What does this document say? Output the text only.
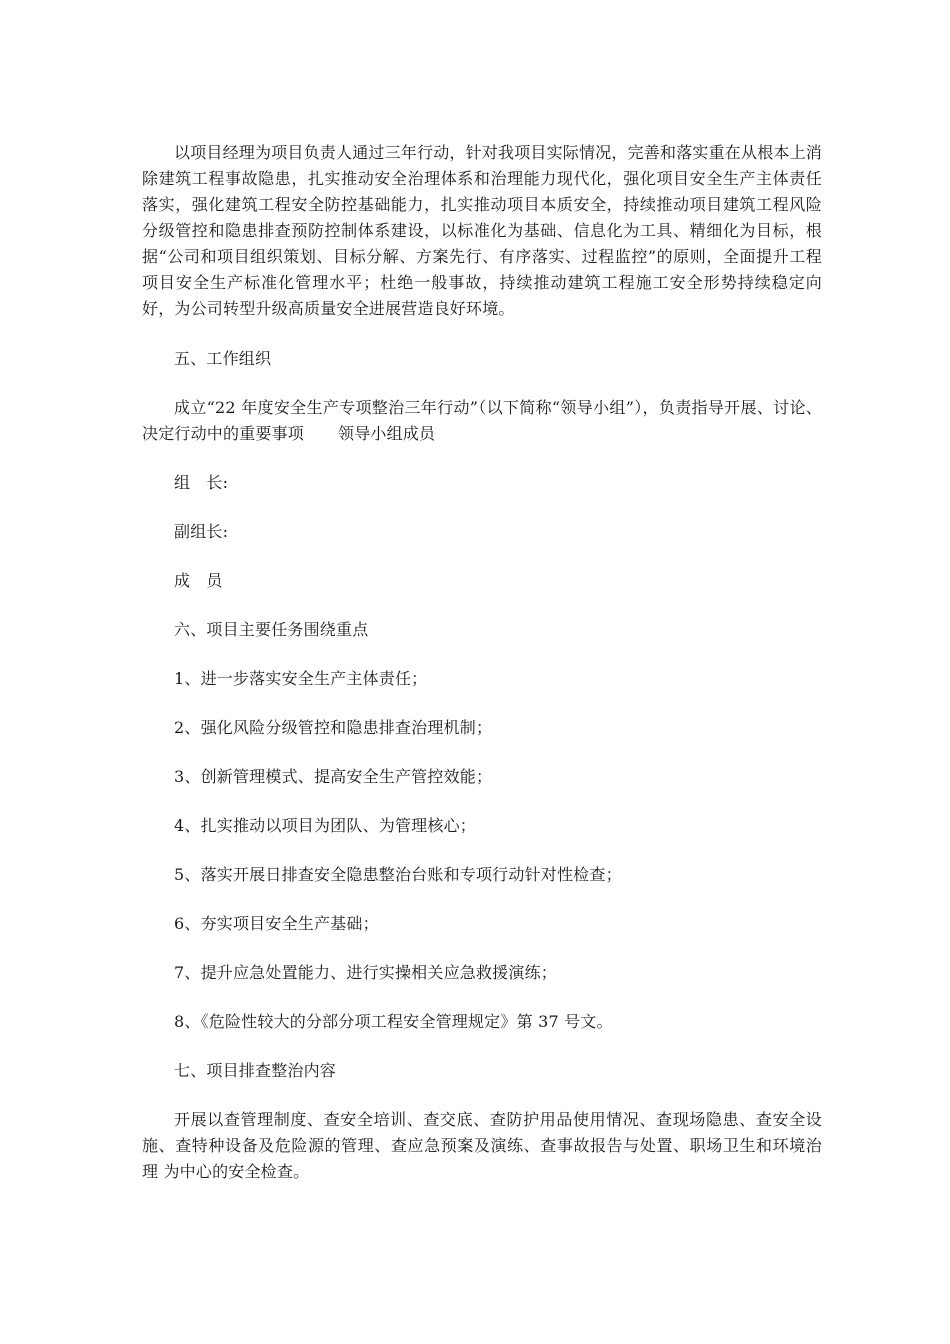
以项目经理为项目负责人通过三年行动，针对我项目实际情况，完善和落实重在从根本上消除建筑工程事故隐患，扎实推动安全治理体系和治理能力现代化，强化项目安全生产主体责任落实，强化建筑工程安全防控基础能力，扎实推动项目本质安全，持续推动项目建筑工程风险分级管控和隐患排查预防控制体系建设，以标准化为基础、信息化为工具、精细化为目标，根据“公司和项目组织策划、目标分解、方案先行、有序落实、过程监控”的原则，全面提升工程项目安全生产标准化管理水平；杜绝一般事故，持续推动建筑工程施工安全形势持续稳定向好，为公司转型升级高质量安全进展营造良好环境。

五、工作组织

成立“22 年度安全生产专项整治三年行动”（以下简称“领导小组”），负责指导开展、讨论、决定行动中的重要事项 领导小组成员

组　长:

副组长:

成　员

六、项目主要任务围绕重点

1、进一步落实安全生产主体责任；

2、强化风险分级管控和隐患排查治理机制；

3、创新管理模式、提高安全生产管控效能；

4、扎实推动以项目为团队、为管理核心；

5、落实开展日排查安全隐患整治台账和专项行动针对性检查；

6、夯实项目安全生产基础；

7、提升应急处置能力、进行实操相关应急救援演练；

8、《危险性较大的分部分项工程安全管理规定》第 37 号文。

七、项目排查整治内容

开展以查管理制度、查安全培训、查交底、查防护用品使用情况、查现场隐患、查安全设施、查特种设备及危险源的管理、查应急预案及演练、查事故报告与处置、职场卫生和环境治理 为中心的安全检查。
